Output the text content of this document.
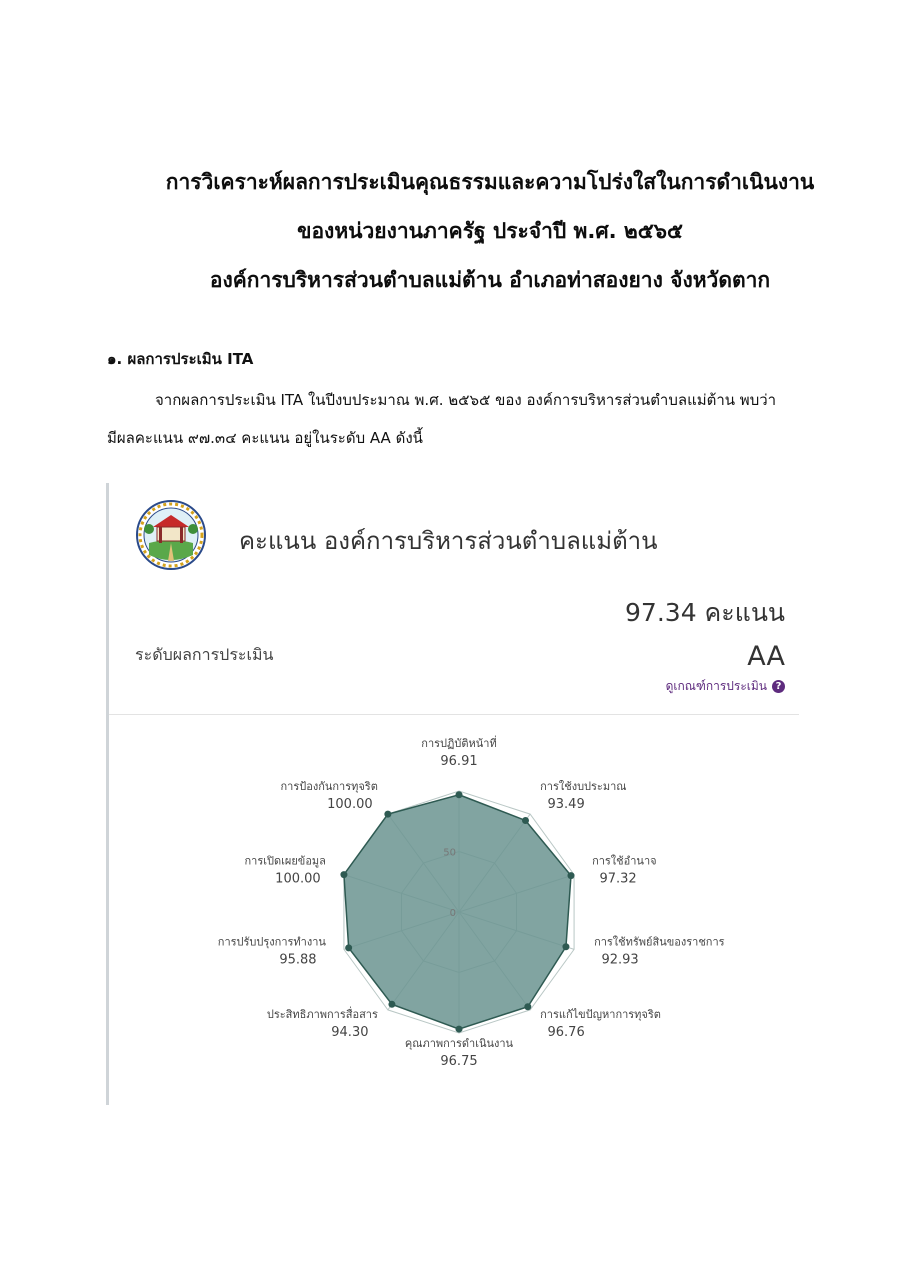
การวิเคราะห์ผลการประเมินคุณธรรมและความโปร่งใสในการดำเนินงาน
ของหน่วยงานภาครัฐ ประจำปี พ.ศ. ๒๕๖๕
องค์การบริหารส่วนตำบลแม่ต้าน อำเภอท่าสองยาง จังหวัดตาก
๑. ผลการประเมิน ITA
จากผลการประเมิน ITA ในปีงบประมาณ พ.ศ. ๒๕๖๕ ของ องค์การบริหารส่วนตำบลแม่ต้าน พบว่า
มีผลคะแนน ๙๗.๓๔ คะแนน อยู่ในระดับ AA ดังนี้
คะแนน องค์การบริหารส่วนตำบลแม่ต้าน
97.34 คะแนน
ระดับผลการประเมิน	AA
ดูเกณฑ์การประเมิน ?
0
50
การปฏิบัติหน้าที่
96.91
การใช้งบประมาณ
93.49
การใช้อำนาจ
97.32
การใช้ทรัพย์สินของราชการ
92.93
การแก้ไขปัญหาการทุจริต
96.76
คุณภาพการดำเนินงาน
96.75
ประสิทธิภาพการสื่อสาร
94.30
การปรับปรุงการทำงาน
95.88
การเปิดเผยข้อมูล
100.00
การป้องกันการทุจริต
100.00
